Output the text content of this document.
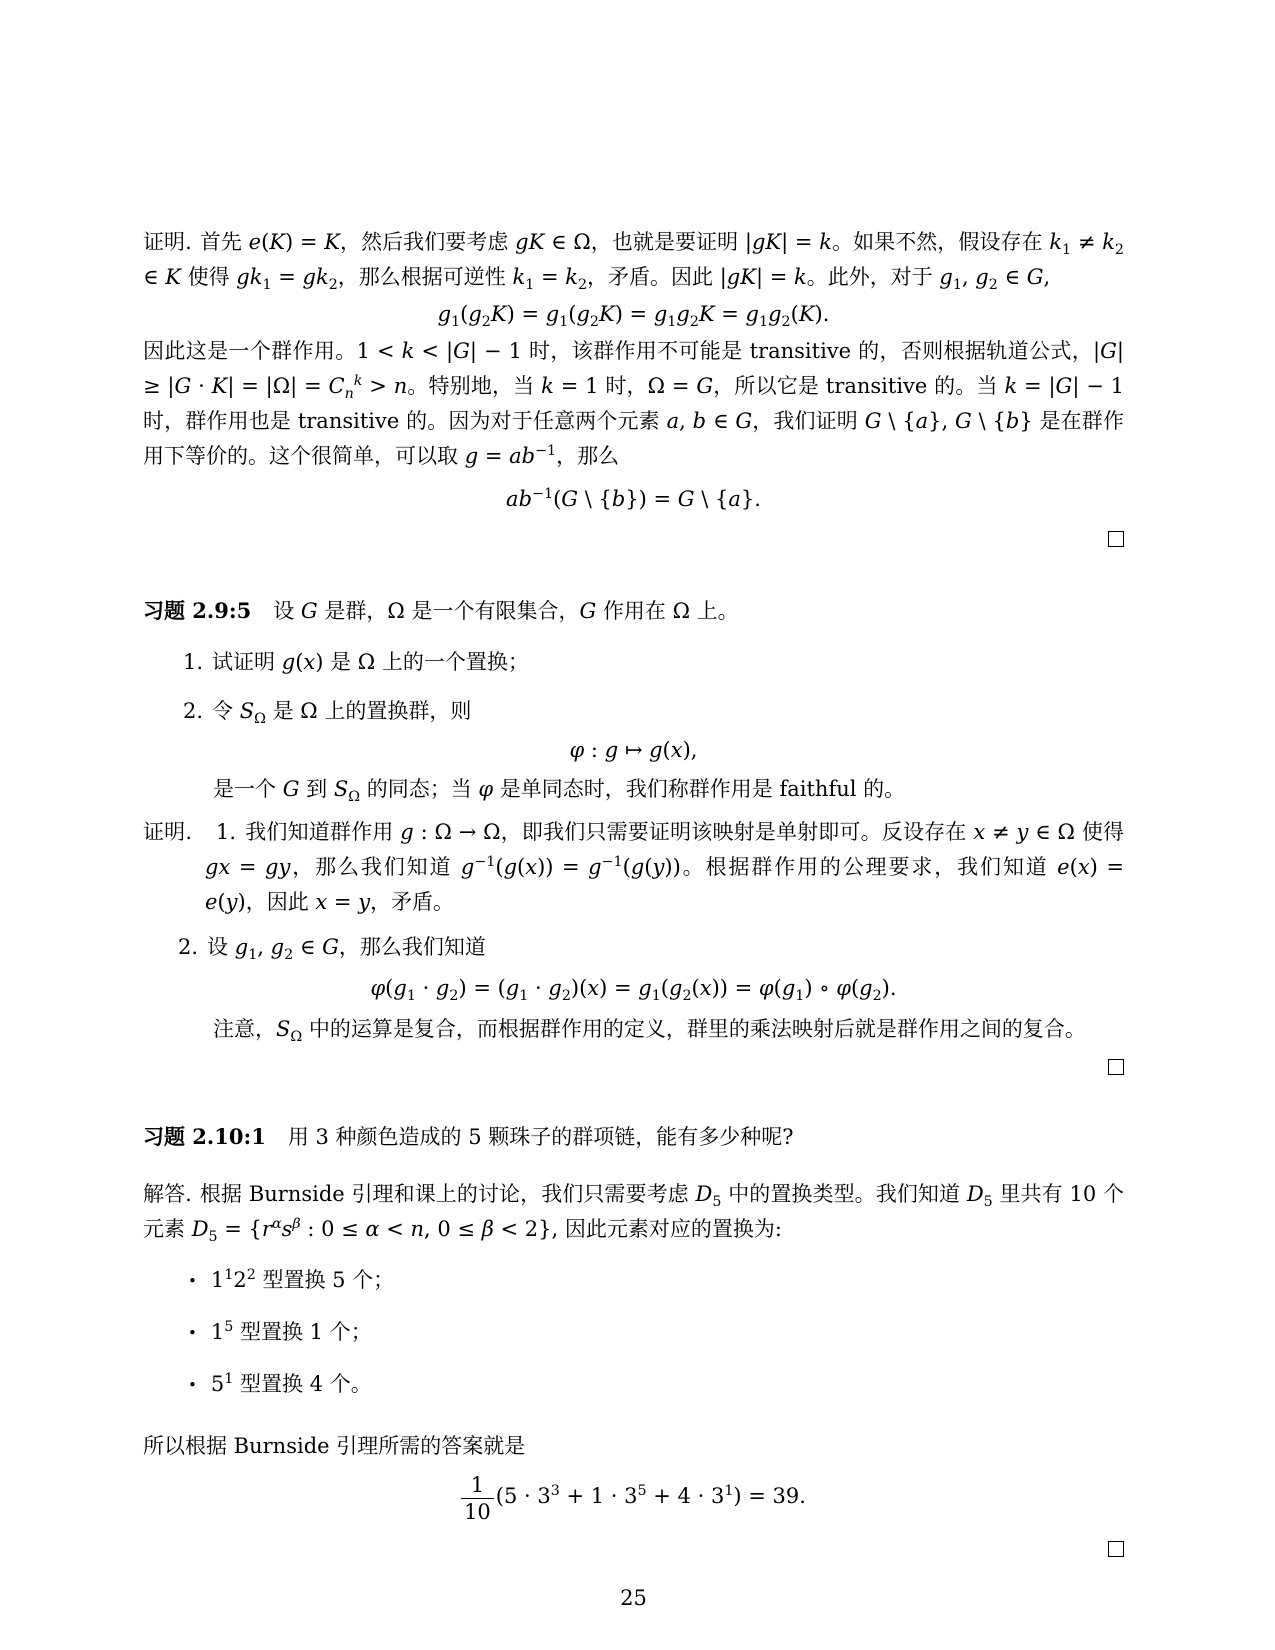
证明. 首先 e(K) = K，然后我们要考虑 gK ∈ Ω，也就是要证明 |gK| = k。如果不然，假设存在 $k_1 \ne k_2$ ∈ K 使得 $gk_1 = gk_2$，那么根据可逆性 $k_1 = k_2$，矛盾。因此 |gK| = k。此外，对于 $g_1$, $g_2$ ∈ G,

$g_1(g_2K) = g_1(g_2K) = g_1g_2K = g_1g_2(K)$.

因此这是一个群作用。1 < k < |G| − 1 时，该群作用不可能是 transitive 的，否则根据轨道公式，$|G| \ge |G \cdot K| = |\Omega| = C_n^k > n$。特别地，当 k = 1 时，Ω = G，所以它是 transitive 的。当 k = |G| − 1 时，群作用也是 transitive 的。因为对于任意两个元素 a, b ∈ G，我们证明 G \ {a}, G \ {b} 是在群作用下等价的。这个很简单，可以取 $g = ab^{-1}$，那么

$ab^{-1}(G$ \ {b}) = G \ {a}.

习题 2.9:5 设 G 是群，Ω 是一个有限集合，G 作用在 Ω 上。

1. 试证明 g(x) 是 Ω 上的一个置换；

2. 令 $S_\Omega$ 是 Ω 上的置换群，则

φ : g ↦ g(x),

是一个 G 到 $S_\Omega$ 的同态；当 φ 是单同态时，我们称群作用是 faithful 的。

证明. 1. 我们知道群作用 g : Ω → Ω，即我们只需要证明该映射是单射即可。反设存在 x ≠ y ∈ Ω 使得 gx = gy，那么我们知道 $g^{-1}(g(x)) = g^{-1}(g(y))$。根据群作用的公理要求，我们知道 e(x) = e(y)，因此 x = y，矛盾。

2. 设 $g_1$, $g_2$ ∈ G，那么我们知道

$\varphi(g_1 \cdot g_2) = (g_1 \cdot g_2)(x) = g_1(g_2(x)) = \varphi(g_1)$ ∘ $\varphi(g_2)$.

注意，$S_\Omega$ 中的运算是复合，而根据群作用的定义，群里的乘法映射后就是群作用之间的复合。

习题 2.10:1 用 3 种颜色造成的 5 颗珠子的群项链，能有多少种呢?

解答. 根据 Burnside 引理和课上的讨论，我们只需要考虑 $D_5$ 中的置换类型。我们知道 $D_5$ 里共有 10 个元素 $D_5 = \{r^\alpha s^\beta$ : 0 ≤ α < n, 0 ≤ β < 2}, 因此元素对应的置换为:

• $1^12^2$ 型置换 5 个；

• $1^5$ 型置换 1 个；

• $5^1$ 型置换 4 个。

所以根据 Burnside 引理所需的答案就是

$\frac{1}{10} (5 \cdot 3^3 + 1 \cdot 3^5 + 4 \cdot 3^1) = 39$.

25
